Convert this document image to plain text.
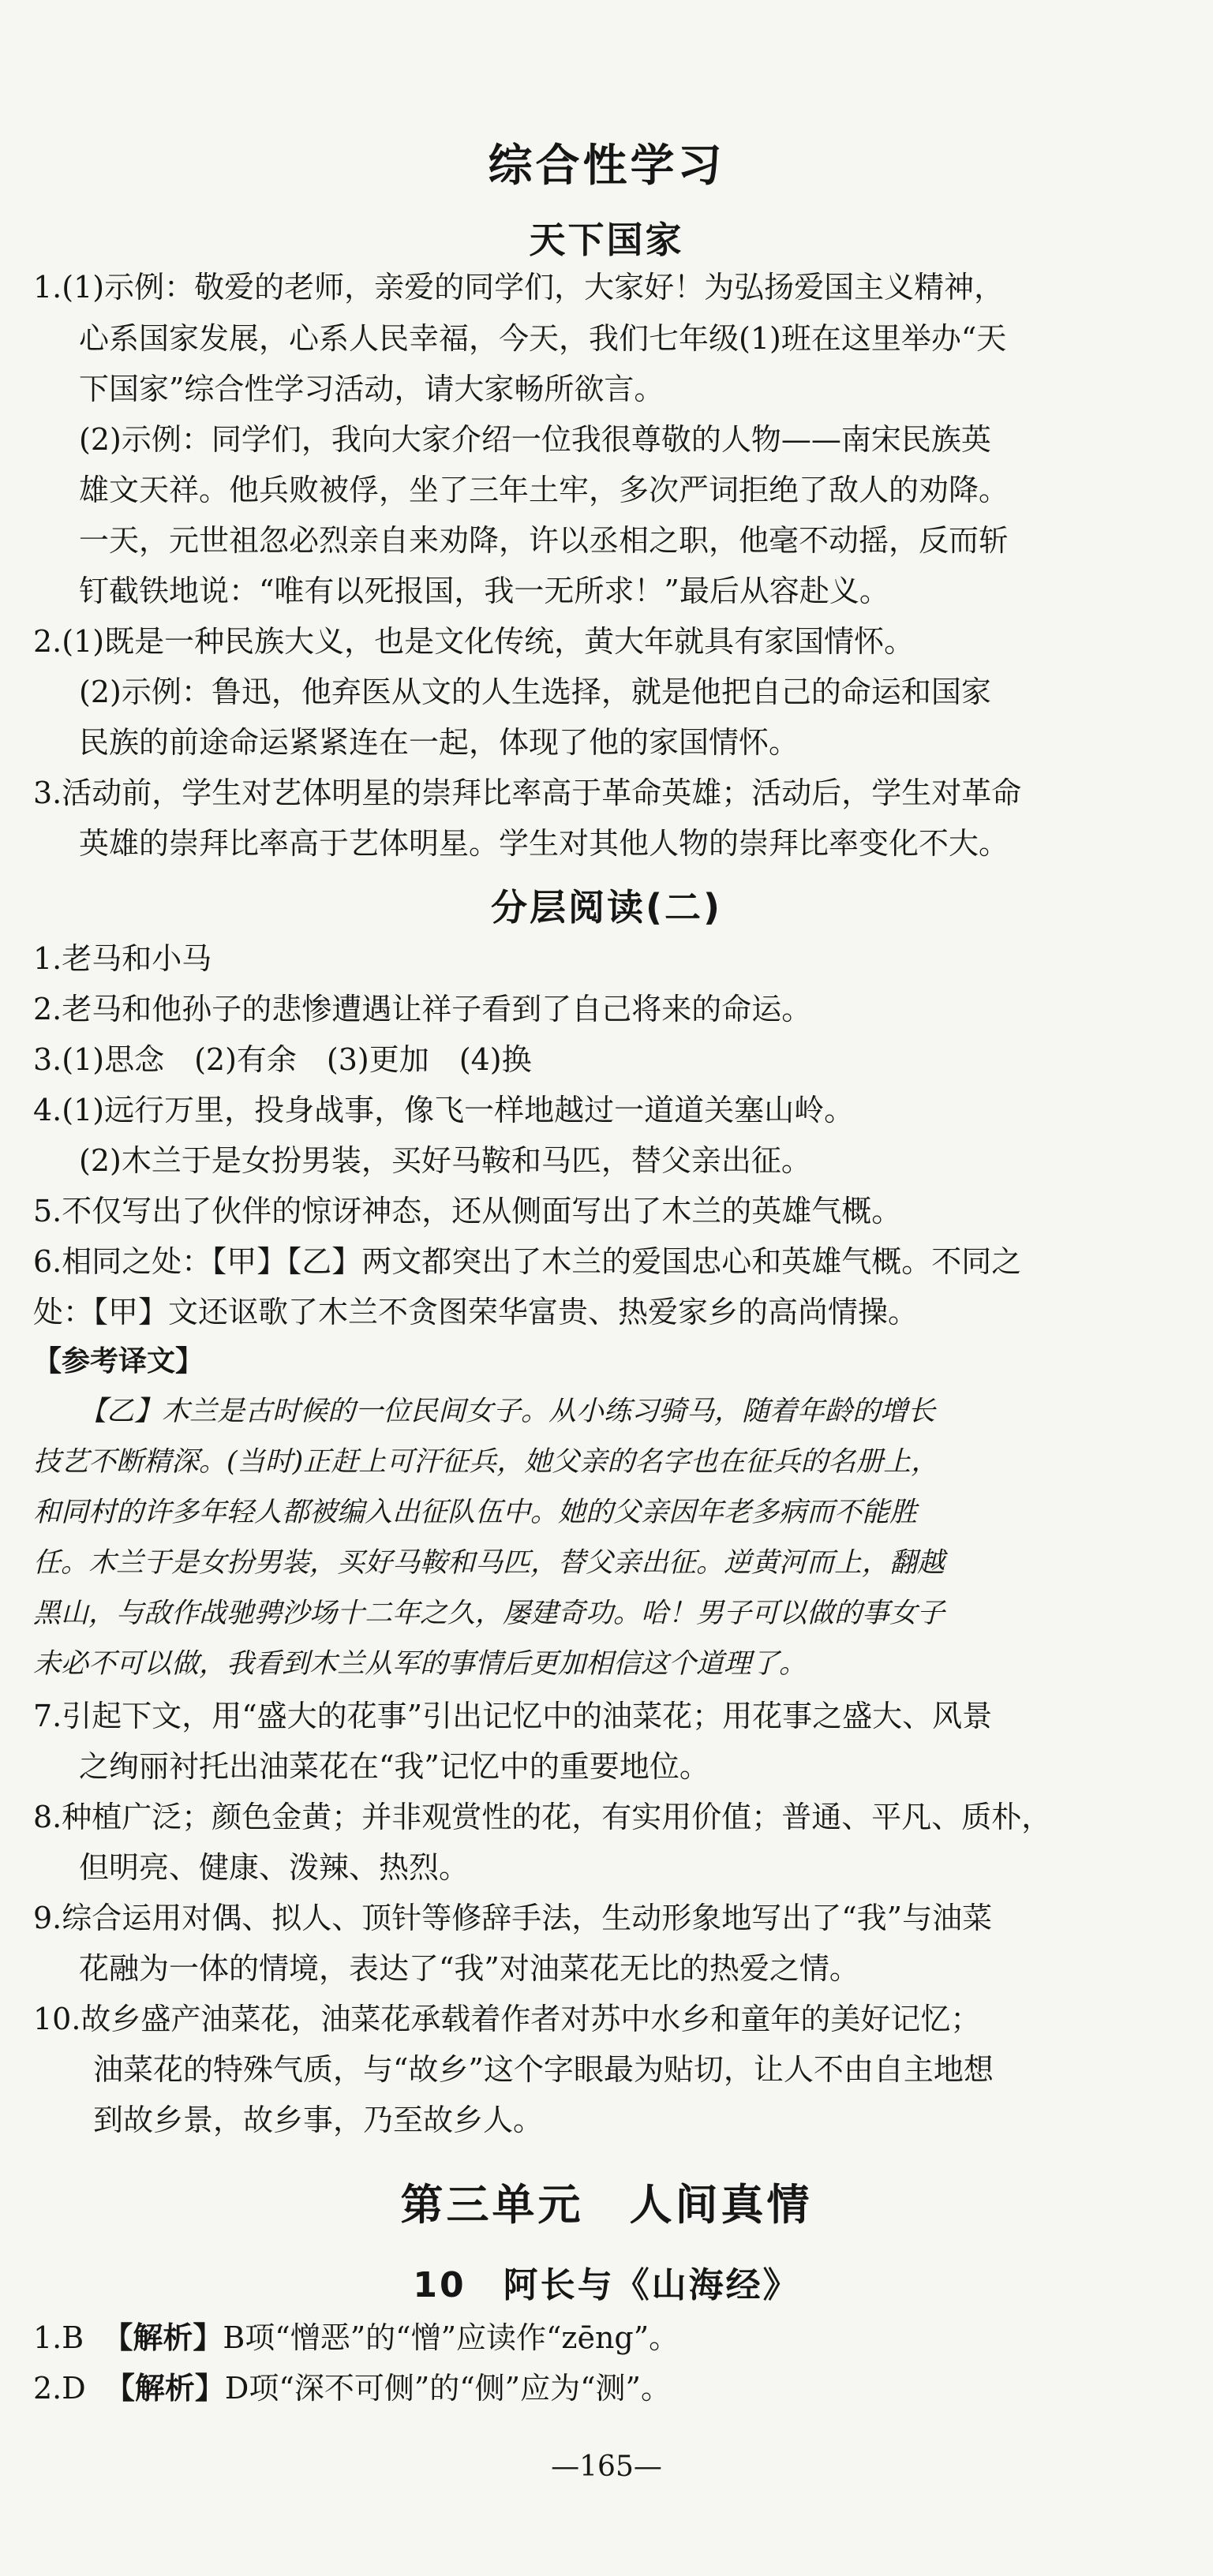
综合性学习
天下国家
1.(1)示例：敬爱的老师，亲爱的同学们，大家好！为弘扬爱国主义精神，
心系国家发展，心系人民幸福，今天，我们七年级(1)班在这里举办“天
下国家”综合性学习活动，请大家畅所欲言。
(2)示例：同学们，我向大家介绍一位我很尊敬的人物——南宋民族英
雄文天祥。他兵败被俘，坐了三年土牢，多次严词拒绝了敌人的劝降。
一天，元世祖忽必烈亲自来劝降，许以丞相之职，他毫不动摇，反而斩
钉截铁地说：“唯有以死报国，我一无所求！”最后从容赴义。
2.(1)既是一种民族大义，也是文化传统，黄大年就具有家国情怀。
(2)示例：鲁迅，他弃医从文的人生选择，就是他把自己的命运和国家
民族的前途命运紧紧连在一起，体现了他的家国情怀。
3.活动前，学生对艺体明星的崇拜比率高于革命英雄；活动后，学生对革命
英雄的崇拜比率高于艺体明星。学生对其他人物的崇拜比率变化不大。
分层阅读(二)
1.老马和小马
2.老马和他孙子的悲惨遭遇让祥子看到了自己将来的命运。
3.(1)思念　(2)有余　(3)更加　(4)换
4.(1)远行万里，投身战事，像飞一样地越过一道道关塞山岭。
(2)木兰于是女扮男装，买好马鞍和马匹，替父亲出征。
5.不仅写出了伙伴的惊讶神态，还从侧面写出了木兰的英雄气概。
6.相同之处：【甲】【乙】两文都突出了木兰的爱国忠心和英雄气概。不同之
处：【甲】文还讴歌了木兰不贪图荣华富贵、热爱家乡的高尚情操。
【参考译文】
【乙】木兰是古时候的一位民间女子。从小练习骑马，随着年龄的增长
技艺不断精深。(当时)正赶上可汗征兵，她父亲的名字也在征兵的名册上，
和同村的许多年轻人都被编入出征队伍中。她的父亲因年老多病而不能胜
任。木兰于是女扮男装，买好马鞍和马匹，替父亲出征。逆黄河而上，翻越
黑山，与敌作战驰骋沙场十二年之久，屡建奇功。哈！男子可以做的事女子
未必不可以做，我看到木兰从军的事情后更加相信这个道理了。
7.引起下文，用“盛大的花事”引出记忆中的油菜花；用花事之盛大、风景
之绚丽衬托出油菜花在“我”记忆中的重要地位。
8.种植广泛；颜色金黄；并非观赏性的花，有实用价值；普通、平凡、质朴，
但明亮、健康、泼辣、热烈。
9.综合运用对偶、拟人、顶针等修辞手法，生动形象地写出了“我”与油菜
花融为一体的情境，表达了“我”对油菜花无比的热爱之情。
10.故乡盛产油菜花，油菜花承载着作者对苏中水乡和童年的美好记忆；
油菜花的特殊气质，与“故乡”这个字眼最为贴切，让人不由自主地想
到故乡景，故乡事，乃至故乡人。
第三单元　人间真情
10　阿长与《山海经》
1.B 【解析】B项“憎恶”的“憎”应读作“zēng”。
2.D 【解析】D项“深不可侧”的“侧”应为“测”。
—165—
